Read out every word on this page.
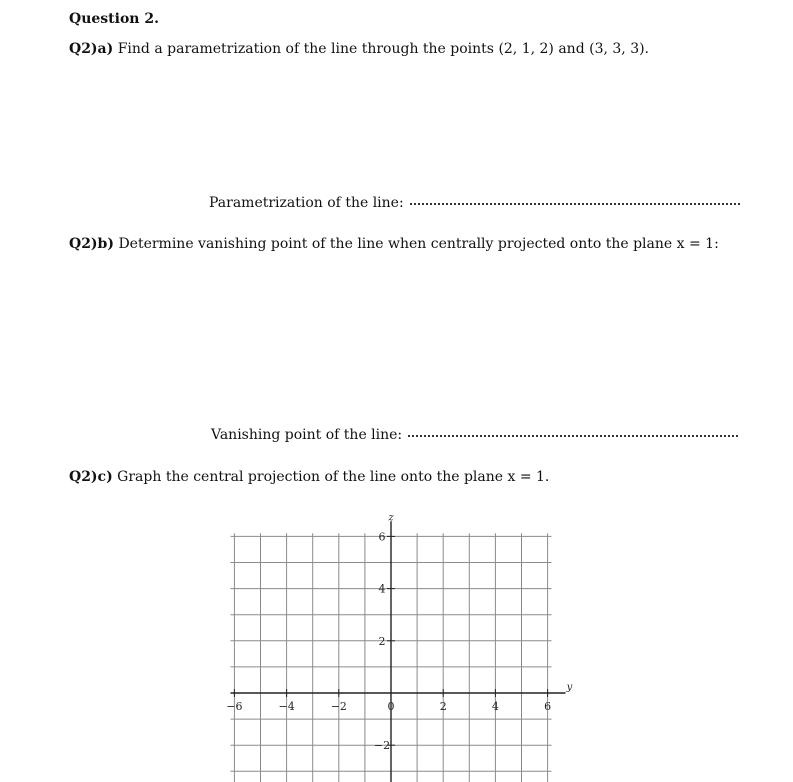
Question 2.
Q2)a) Find a parametrization of the line through the points (2, 1, 2) and (3, 3, 3).
Parametrization of the line:
Q2)b) Determine vanishing point of the line when centrally projected onto the plane x = 1:
Vanishing point of the line:
Q2)c) Graph the central projection of the line onto the plane x = 1.
−6	−4	−2	0	2	4	6
6
4
2
−2
y
z
